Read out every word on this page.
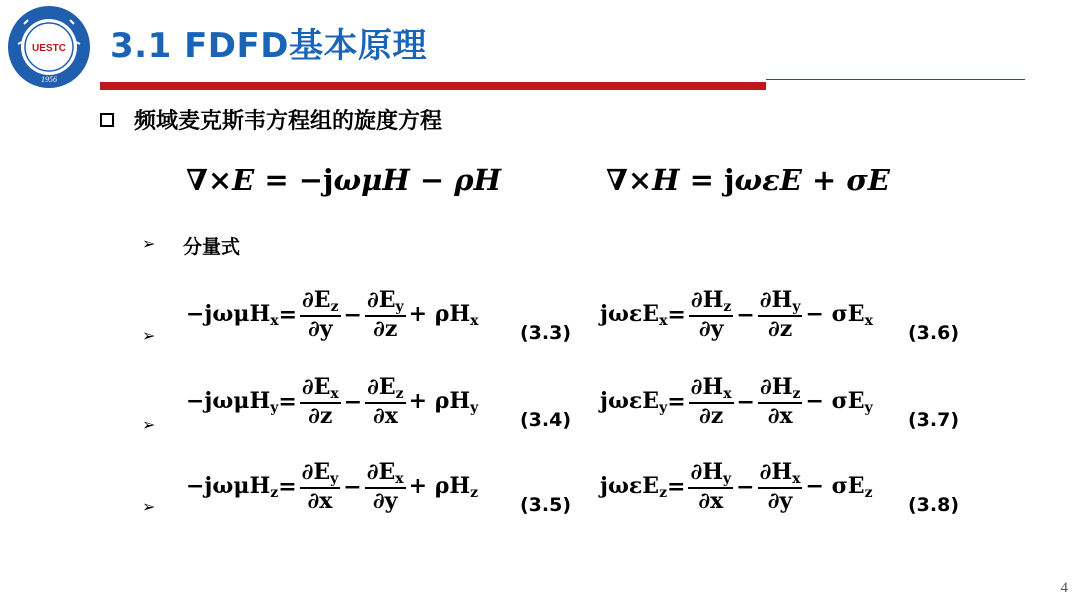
UESTC
1956
3.1 FDFD基本原理
频域麦克斯韦方程组的旋度方程
∇×E = −jωμH − ρH	∇×H = jωεE + σE
➢ 分量式
➢
➢
➢
4
$-j\omega\mu H_x = \frac{\partial E_z}{\partial y} - \frac{\partial E_y}{\partial z} + \rho H_x$
(3.3)
$-j\omega\mu H_y = \frac{\partial E_x}{\partial z} - \frac{\partial E_z}{\partial x} + \rho H_y$
(3.4)
$-j\omega\mu H_z = \frac{\partial E_y}{\partial x} - \frac{\partial E_x}{\partial y} + \rho H_z$
(3.5)
$j\omega\varepsilon E_x = \frac{\partial H_z}{\partial y} - \frac{\partial H_y}{\partial z} - \sigma E_x$
(3.6)
$j\omega\varepsilon E_y = \frac{\partial H_x}{\partial z} - \frac{\partial H_z}{\partial x} - \sigma E_y$
(3.7)
$j\omega\varepsilon E_z = \frac{\partial H_y}{\partial x} - \frac{\partial H_x}{\partial y} - \sigma E_z$
(3.8)
